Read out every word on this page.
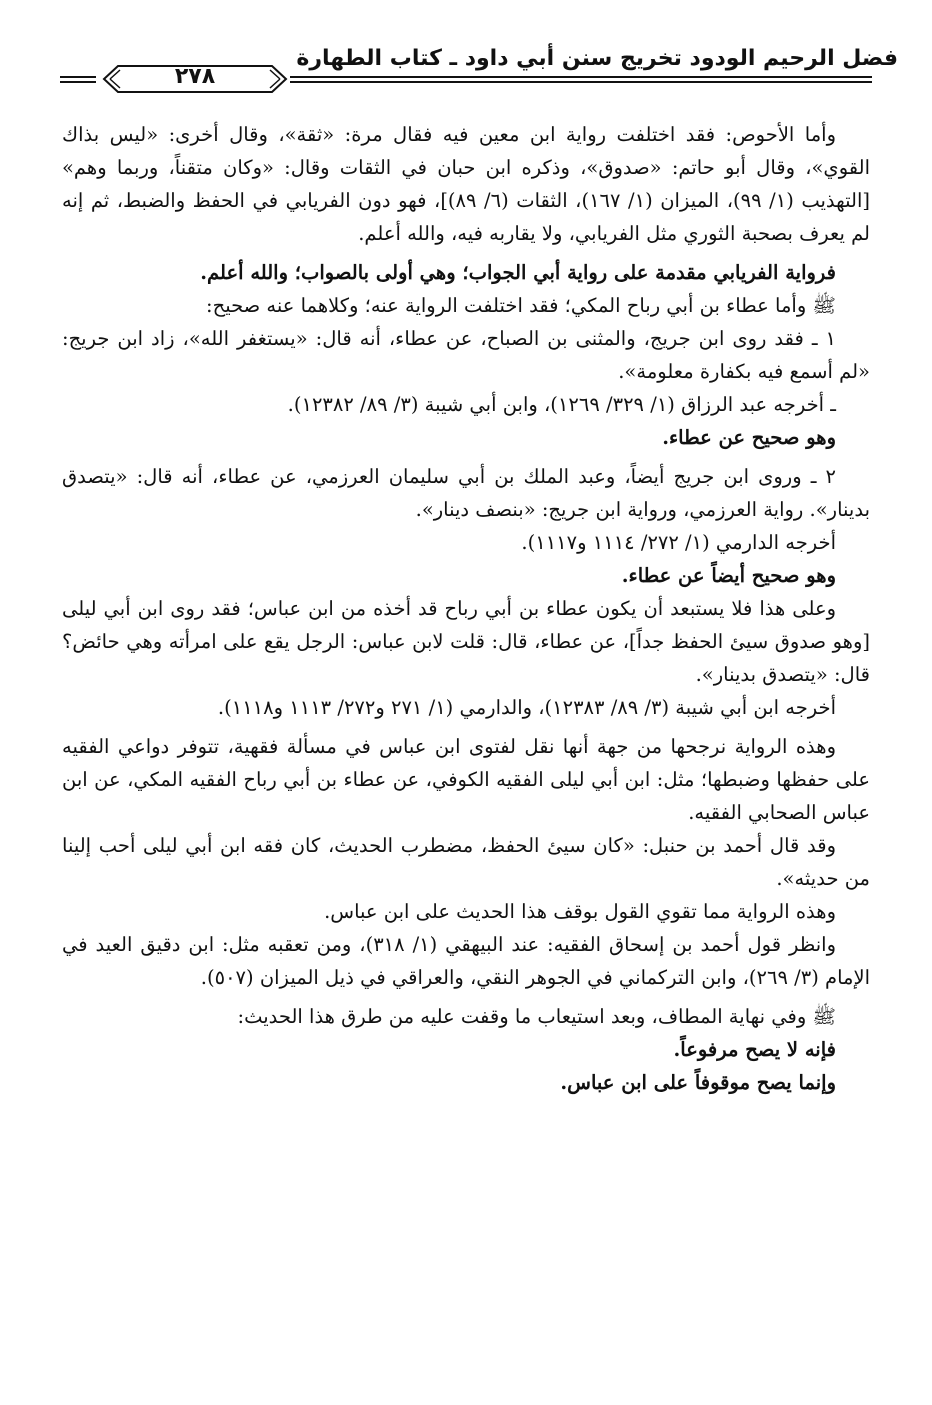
فضل الرحيم الودود تخريج سنن أبي داود ـ كتاب الطهارة
٢٧٨

وأما الأحوص: فقد اختلفت رواية ابن معين فيه فقال مرة: «ثقة»، وقال أخرى: «ليس بذاك القوي»، وقال أبو حاتم: «صدوق»، وذكره ابن حبان في الثقات وقال: «وكان متقناً، وربما وهم» [التهذيب (١/ ٩٩)، الميزان (١/ ١٦٧)، الثقات (٦/ ٨٩)]، فهو دون الفريابي في الحفظ والضبط، ثم إنه لم يعرف بصحبة الثوري مثل الفريابي، ولا يقاربه فيه، والله أعلم.

فرواية الفريابي مقدمة على رواية أبي الجواب؛ وهي أولى بالصواب؛ والله أعلم.

ﷺ وأما عطاء بن أبي رباح المكي؛ فقد اختلفت الرواية عنه؛ وكلاهما عنه صحيح:

١ ـ فقد روى ابن جريج، والمثنى بن الصباح، عن عطاء، أنه قال: «يستغفر الله»، زاد ابن جريج: «لم أسمع فيه بكفارة معلومة».

ـ أخرجه عبد الرزاق (١/ ٣٢٩/ ١٢٦٩)، وابن أبي شيبة (٣/ ٨٩/ ١٢٣٨٢).

وهو صحيح عن عطاء.

٢ ـ وروى ابن جريج أيضاً، وعبد الملك بن أبي سليمان العرزمي، عن عطاء، أنه قال: «يتصدق بدينار». رواية العرزمي، ورواية ابن جريج: «بنصف دينار».

أخرجه الدارمي (١/ ٢٧٢/ ١١١٤ و١١١٧).

وهو صحيح أيضاً عن عطاء.

وعلى هذا فلا يستبعد أن يكون عطاء بن أبي رباح قد أخذه من ابن عباس؛ فقد روى ابن أبي ليلى [وهو صدوق سيئ الحفظ جداً]، عن عطاء، قال: قلت لابن عباس: الرجل يقع على امرأته وهي حائض؟ قال: «يتصدق بدينار».

أخرجه ابن أبي شيبة (٣/ ٨٩/ ١٢٣٨٣)، والدارمي (١/ ٢٧١ و٢٧٢/ ١١١٣ و١١١٨).

وهذه الرواية نرجحها من جهة أنها نقل لفتوى ابن عباس في مسألة فقهية، تتوفر دواعي الفقيه على حفظها وضبطها؛ مثل: ابن أبي ليلى الفقيه الكوفي، عن عطاء بن أبي رباح الفقيه المكي، عن ابن عباس الصحابي الفقيه.

وقد قال أحمد بن حنبل: «كان سيئ الحفظ، مضطرب الحديث، كان فقه ابن أبي ليلى أحب إلينا من حديثه».

وهذه الرواية مما تقوي القول بوقف هذا الحديث على ابن عباس.

وانظر قول أحمد بن إسحاق الفقيه: عند البيهقي (١/ ٣١٨)، ومن تعقبه مثل: ابن دقيق العيد في الإمام (٣/ ٢٦٩)، وابن التركماني في الجوهر النقي، والعراقي في ذيل الميزان (٥٠٧).

ﷺ وفي نهاية المطاف، وبعد استيعاب ما وقفت عليه من طرق هذا الحديث:

فإنه لا يصح مرفوعاً.

وإنما يصح موقوفاً على ابن عباس.
